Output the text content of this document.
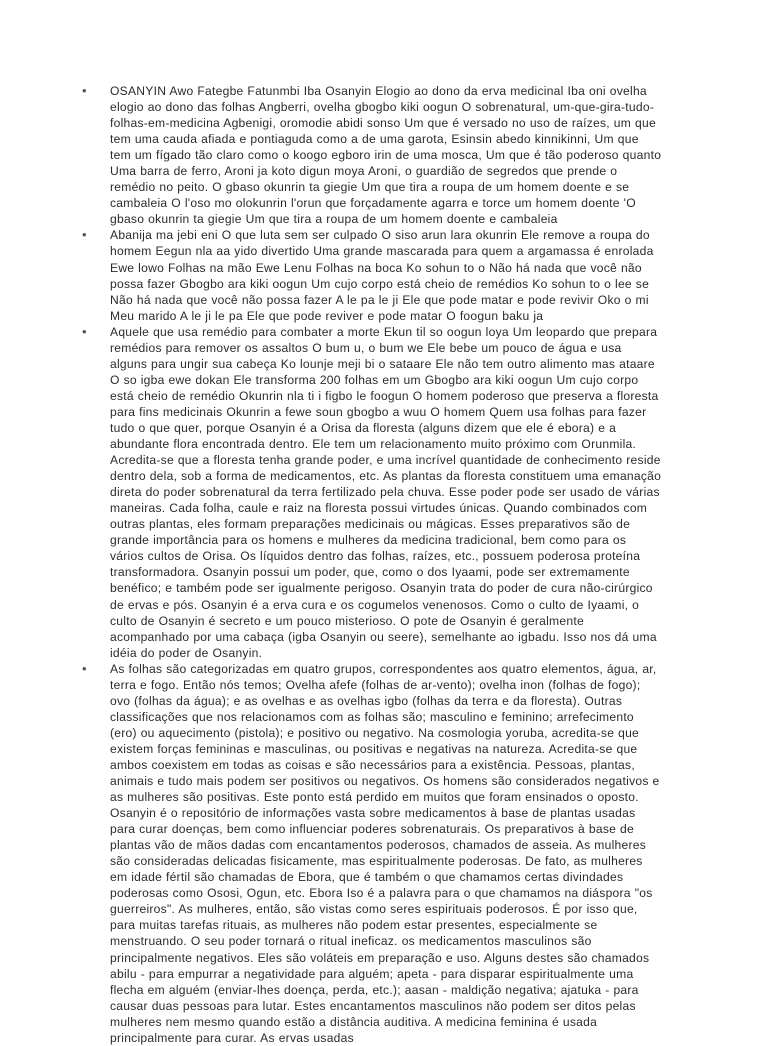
• OSANYIN Awo Fategbe Fatunmbi Iba Osanyin Elogio ao dono da erva medicinal Iba oni ovelha elogio ao dono das folhas Angberri, ovelha gbogbo kiki oogun O sobrenatural, um-que-gira-tudo-folhas-em-medicina Agbenigi, oromodie abidi sonso Um que é versado no uso de raízes, um que tem uma cauda afiada e pontiaguda como a de uma garota, Esinsin abedo kinnikinni, Um que tem um fígado tão claro como o koogo egboro irin de uma mosca, Um que é tão poderoso quanto Uma barra de ferro, Aroni ja koto digun moya Aroni, o guardião de segredos que prende o remédio no peito. O gbaso okunrin ta giegie Um que tira a roupa de um homem doente e se cambaleia O l'oso mo olokunrin l'orun que forçadamente agarra e torce um homem doente 'O gbaso okunrin ta giegie Um que tira a roupa de um homem doente e cambaleia
• Abanija ma jebi eni O que luta sem ser culpado O siso arun lara okunrin Ele remove a roupa do homem Eegun nla aa yido divertido Uma grande mascarada para quem a argamassa é enrolada Ewe lowo Folhas na mão Ewe Lenu Folhas na boca Ko sohun to o Não há nada que você não possa fazer Gbogbo ara kiki oogun Um cujo corpo está cheio de remédios Ko sohun to o lee se Não há nada que você não possa fazer A le pa le ji Ele que pode matar e pode revivir Oko o mi Meu marido A le ji le pa Ele que pode reviver e pode matar O foogun baku ja
• Aquele que usa remédio para combater a morte Ekun til so oogun loya Um leopardo que prepara remédios para remover os assaltos O bum u, o bum we Ele bebe um pouco de água e usa alguns para ungir sua cabeça Ko lounje meji bi o sataare Ele não tem outro alimento mas ataare O so igba ewe dokan Ele transforma 200 folhas em um Gbogbo ara kiki oogun Um cujo corpo está cheio de remédio Okunrin nla ti i figbo le foogun O homem poderoso que preserva a floresta para fins medicinais Okunrin a fewe soun gbogbo a wuu O homem Quem usa folhas para fazer tudo o que quer, porque Osanyin é a Orisa da floresta (alguns dizem que ele é ebora) e a abundante flora encontrada dentro. Ele tem um relacionamento muito próximo com Orunmila. Acredita-se que a floresta tenha grande poder, e uma incrível quantidade de conhecimento reside dentro dela, sob a forma de medicamentos, etc. As plantas da floresta constituem uma emanação direta do poder sobrenatural da terra fertilizado pela chuva. Esse poder pode ser usado de várias maneiras. Cada folha, caule e raiz na floresta possui virtudes únicas. Quando combinados com outras plantas, eles formam preparações medicinais ou mágicas. Esses preparativos são de grande importância para os homens e mulheres da medicina tradicional, bem como para os vários cultos de Orisa. Os líquidos dentro das folhas, raízes, etc., possuem poderosa proteína transformadora. Osanyin possui um poder, que, como o dos Iyaami, pode ser extremamente benéfico; e também pode ser igualmente perigoso. Osanyin trata do poder de cura não-cirúrgico de ervas e pós. Osanyin é a erva cura e os cogumelos venenosos. Como o culto de Iyaami, o culto de Osanyin é secreto e um pouco misterioso. O pote de Osanyin é geralmente acompanhado por uma cabaça (igba Osanyin ou seere), semelhante ao igbadu. Isso nos dá uma idéia do poder de Osanyin.
• As folhas são categorizadas em quatro grupos, correspondentes aos quatro elementos, água, ar, terra e fogo. Então nós temos; Ovelha afefe (folhas de ar-vento); ovelha inon (folhas de fogo); ovo (folhas da água); e as ovelhas e as ovelhas igbo (folhas da terra e da floresta). Outras classificações que nos relacionamos com as folhas são; masculino e feminino; arrefecimento (ero) ou aquecimento (pistola); e positivo ou negativo. Na cosmologia yoruba, acredita-se que existem forças femininas e masculinas, ou positivas e negativas na natureza. Acredita-se que ambos coexistem em todas as coisas e são necessários para a existência. Pessoas, plantas, animais e tudo mais podem ser positivos ou negativos. Os homens são considerados negativos e as mulheres são positivas. Este ponto está perdido em muitos que foram ensinados o oposto. Osanyin é o repositório de informações vasta sobre medicamentos à base de plantas usadas para curar doenças, bem como influenciar poderes sobrenaturais. Os preparativos à base de plantas vão de mãos dadas com encantamentos poderosos, chamados de asseia. As mulheres são consideradas delicadas fisicamente, mas espiritualmente poderosas. De fato, as mulheres em idade fértil são chamadas de Ebora, que é também o que chamamos certas divindades poderosas como Ososi, Ogun, etc. Ebora Iso é a palavra para o que chamamos na diáspora "os guerreiros". As mulheres, então, são vistas como seres espirituais poderosos. É por isso que, para muitas tarefas rituais, as mulheres não podem estar presentes, especialmente se menstruando. O seu poder tornará o ritual ineficaz. os medicamentos masculinos são principalmente negativos. Eles são voláteis em preparação e uso. Alguns destes são chamados abilu - para empurrar a negatividade para alguém; apeta - para disparar espiritualmente uma flecha em alguém (enviar-lhes doença, perda, etc.); aasan - maldição negativa; ajatuka - para causar duas pessoas para lutar. Estes encantamentos masculinos não podem ser ditos pelas mulheres nem mesmo quando estão a distância auditiva. A medicina feminina é usada principalmente para curar. As ervas usadas
